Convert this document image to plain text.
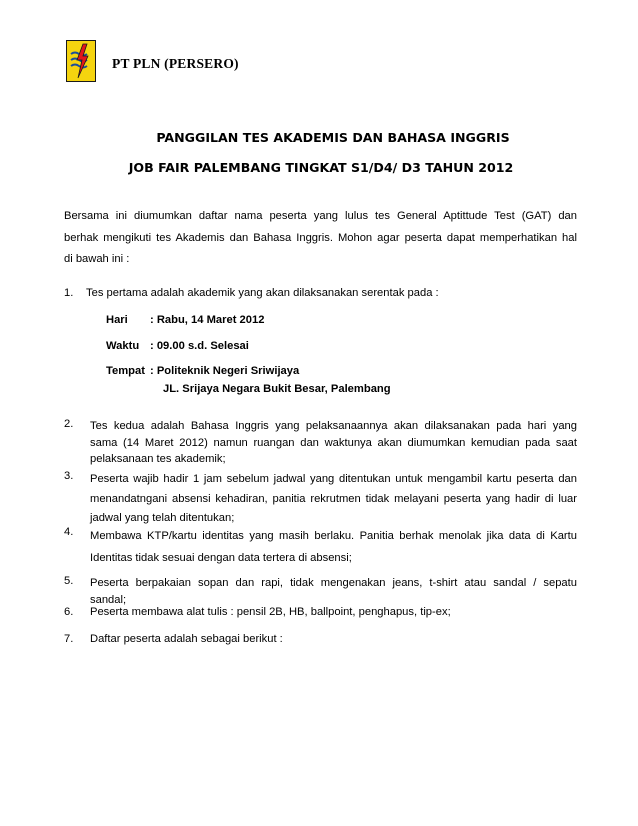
PT PLN (PERSERO)
PANGGILAN TES AKADEMIS DAN BAHASA INGGRIS
JOB FAIR PALEMBANG TINGKAT S1/D4/ D3 TAHUN 2012
Bersama ini diumumkan daftar nama peserta yang lulus tes General Aptittude Test (GAT) dan
berhak mengikuti tes Akademis dan Bahasa Inggris. Mohon agar peserta dapat memperhatikan hal
di bawah ini :
1. Tes pertama adalah akademik yang akan dilaksanakan serentak pada :
Hari : Rabu, 14 Maret 2012
Waktu : 09.00 s.d. Selesai
Tempat : Politeknik Negeri Sriwijaya
JL. Srijaya Negara Bukit Besar, Palembang
2. Tes kedua adalah Bahasa Inggris yang pelaksanaannya akan dilaksanakan pada hari yang
sama (14 Maret 2012) namun ruangan dan waktunya akan diumumkan kemudian pada saat
pelaksanaan tes akademik;
3. Peserta wajib hadir 1 jam sebelum jadwal yang ditentukan untuk mengambil kartu peserta dan
menandatngani absensi kehadiran, panitia rekrutmen tidak melayani peserta yang hadir di luar
jadwal yang telah ditentukan;
4. Membawa KTP/kartu identitas yang masih berlaku. Panitia berhak menolak jika data di Kartu
Identitas tidak sesuai dengan data tertera di absensi;
5. Peserta berpakaian sopan dan rapi, tidak mengenakan jeans, t-shirt atau sandal / sepatu
sandal;
6. Peserta membawa alat tulis : pensil 2B, HB, ballpoint, penghapus, tip-ex;
7. Daftar peserta adalah sebagai berikut :
